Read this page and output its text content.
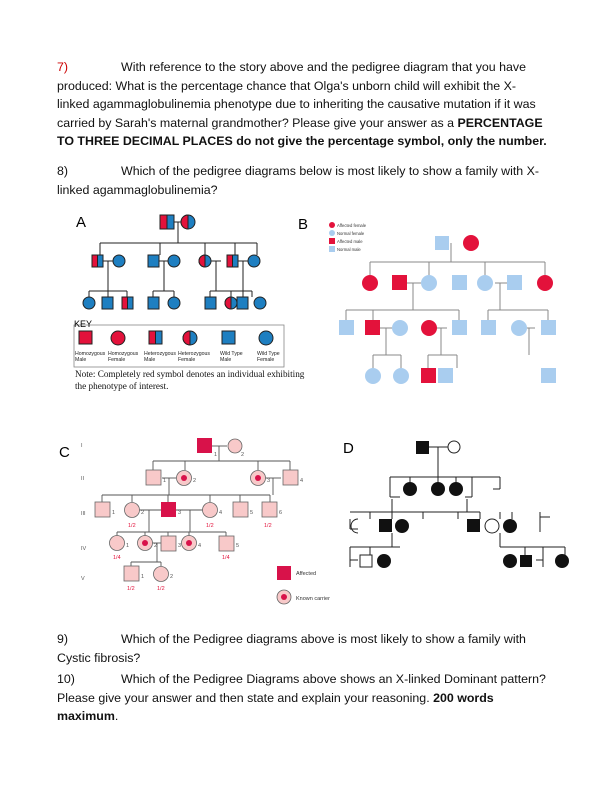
7)	With reference to the story above and the pedigree diagram that you have produced: What is the percentage chance that Olga's unborn child will exhibit the X-linked agammaglobulinemia phenotype due to inheriting the causative mutation if it was carried by Sarah's maternal grandmother? Please give your answer as a PERCENTAGE TO THREE DECIMAL PLACES do not give the percentage symbol, only the number.
8)	Which of the pedigree diagrams below is most likely to show a family with X-linked agammaglobulinemia?
A
KEY
Homozygous
Male
Homozygous
Female
Heterozygous
Male
Heterozygous
Female
Wild Type
Male
Wild Type
Female
Note: Completely red symbol denotes an individual exhibiting the phenotype of interest.
B	Affected female
Normal female
Affected male
Normal male
C I
II
III
IV
V
1	2
1	2	3	4
1	2	3	4	5	6
1	2	3	4	5
1	2
1/2	1/2	1/2
1/4	1/4
1/2	1/2
Affected
Known carrier
D
9)	Which of the Pedigree diagrams above is most likely to show a family with Cystic fibrosis?
10)	Which of the Pedigree Diagrams above shows an X-linked Dominant pattern? Please give your answer and then state and explain your reasoning. 200 words maximum.
